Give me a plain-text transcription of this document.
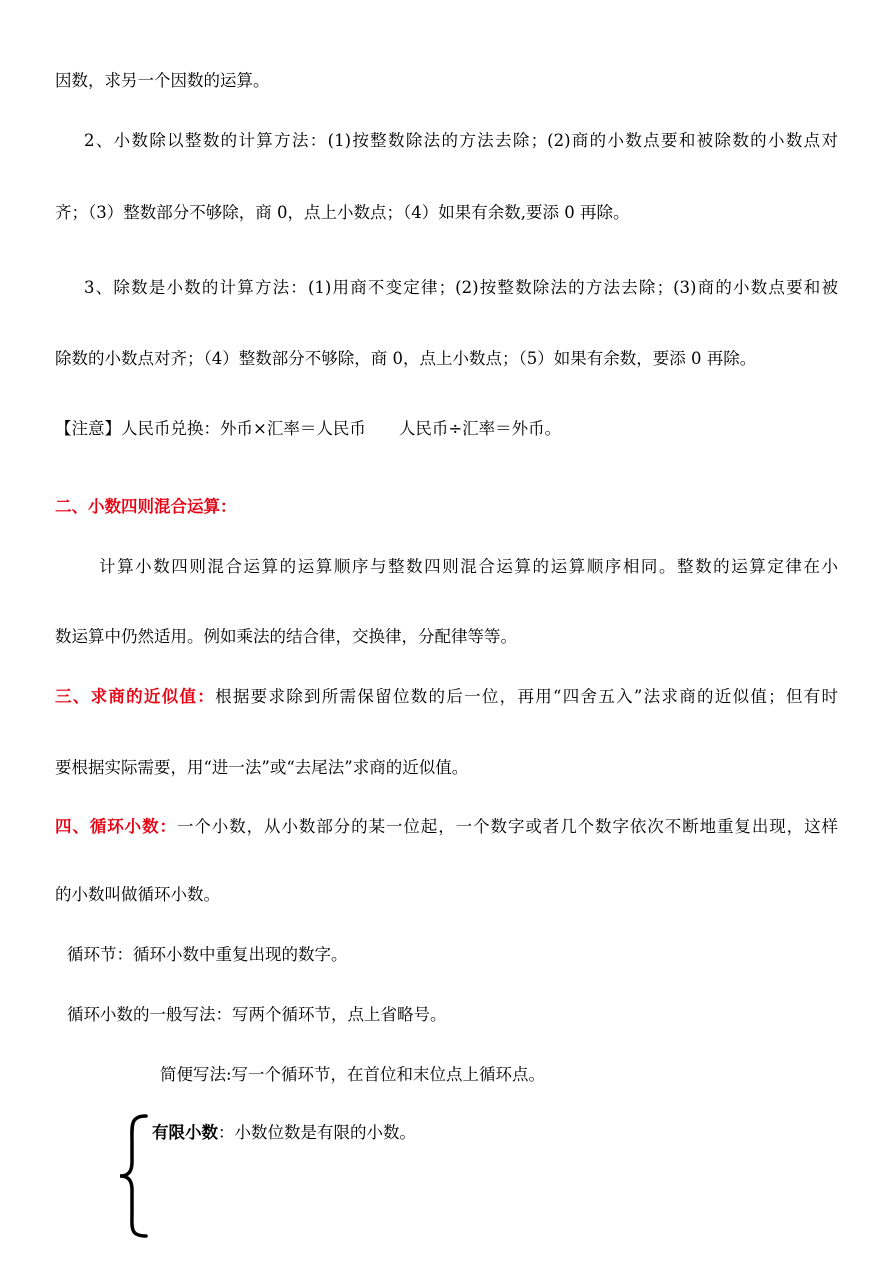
因数，求另一个因数的运算。
2、小数除以整数的计算方法：(1)按整数除法的方法去除；(2)商的小数点要和被除数的小数点对
齐；（3）整数部分不够除，商 0，点上小数点；（4）如果有余数,要添 0 再除。
3、除数是小数的计算方法：(1)用商不变定律；(2)按整数除法的方法去除；(3)商的小数点要和被
除数的小数点对齐；（4）整数部分不够除，商 0，点上小数点；（5）如果有余数，要添 0 再除。
【注意】人民币兑换：外币×汇率＝人民币　　人民币÷汇率＝外币。
二、小数四则混合运算：
计算小数四则混合运算的运算顺序与整数四则混合运算的运算顺序相同。整数的运算定律在小
数运算中仍然适用。例如乘法的结合律，交换律，分配律等等。
三、求商的近似值：根据要求除到所需保留位数的后一位，再用“四舍五入”法求商的近似值；但有时
要根据实际需要，用“进一法”或“去尾法”求商的近似值。
四、循环小数：一个小数，从小数部分的某一位起，一个数字或者几个数字依次不断地重复出现，这样
的小数叫做循环小数。
循环节：循环小数中重复出现的数字。
循环小数的一般写法：写两个循环节，点上省略号。
简便写法:写一个循环节，在首位和末位点上循环点。
有限小数：小数位数是有限的小数。
